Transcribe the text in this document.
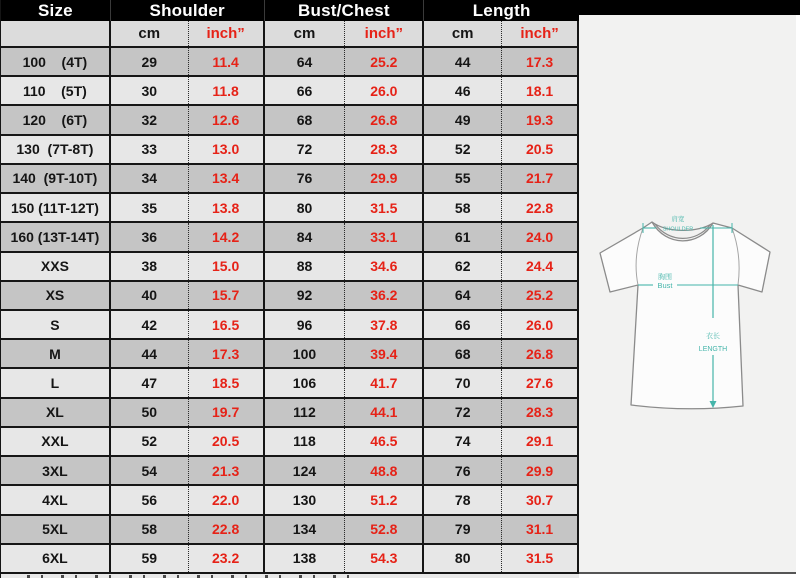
Size	Shoulder	Bust/Chest	Length
cm	inch”	cm	inch”	cm	inch”
100    (4T)	29	11.4	64	25.2	44	17.3
110    (5T)	30	11.8	66	26.0	46	18.1
120    (6T)	32	12.6	68	26.8	49	19.3
130  (7T-8T)	33	13.0	72	28.3	52	20.5
140  (9T-10T)	34	13.4	76	29.9	55	21.7
150 (11T-12T)	35	13.8	80	31.5	58	22.8
160 (13T-14T)	36	14.2	84	33.1	61	24.0
XXS	38	15.0	88	34.6	62	24.4
XS	40	15.7	92	36.2	64	25.2
S	42	16.5	96	37.8	66	26.0
M	44	17.3	100	39.4	68	26.8
L	47	18.5	106	41.7	70	27.6
XL	50	19.7	112	44.1	72	28.3
XXL	52	20.5	118	46.5	74	29.1
3XL	54	21.3	124	48.8	76	29.9
4XL	56	22.0	130	51.2	78	30.7
5XL	58	22.8	134	52.8	79	31.1
6XL	59	23.2	138	54.3	80	31.5
肩宽
SHOULDER
胸围
Bust
衣长
LENGTH
